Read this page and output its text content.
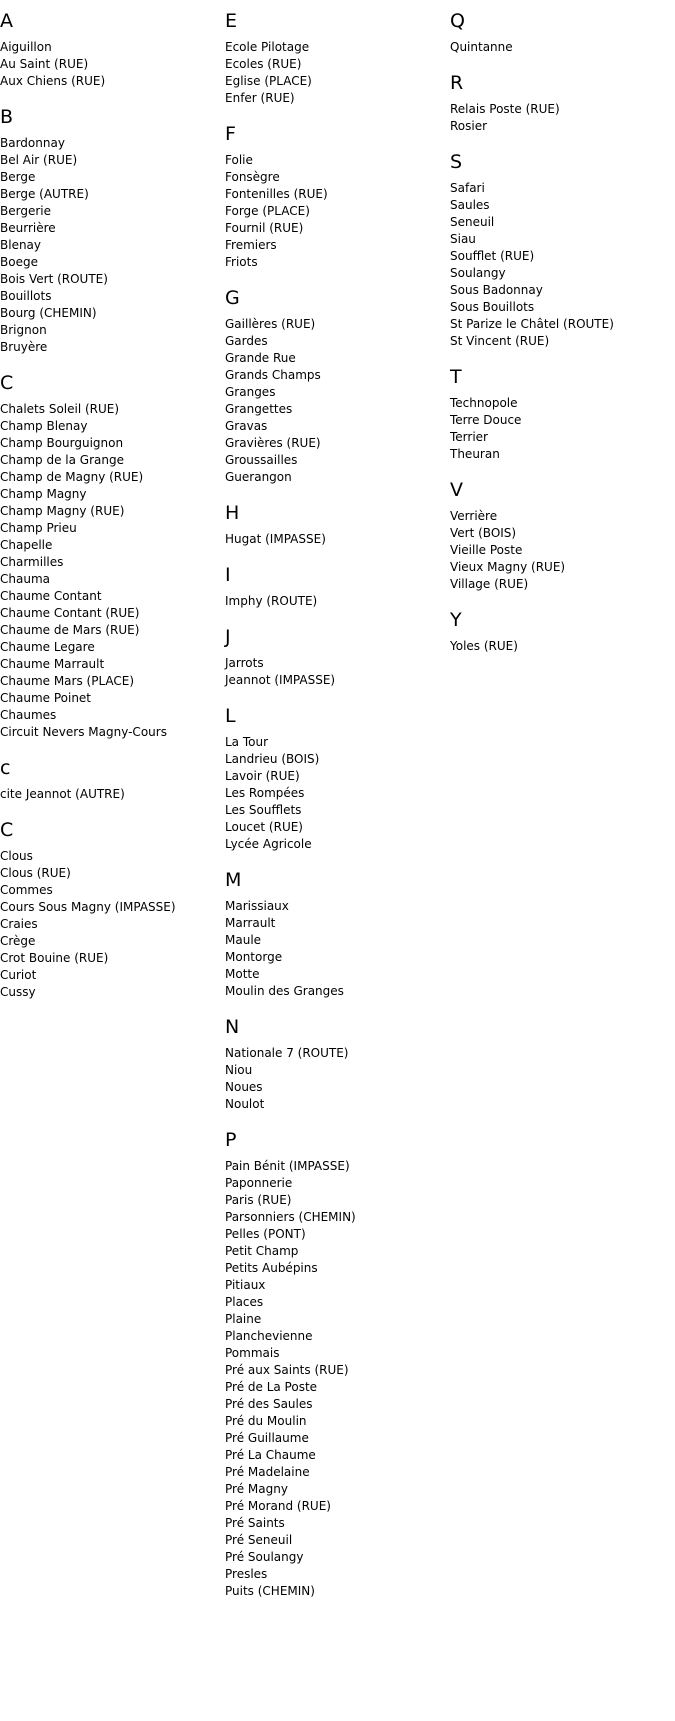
A
Aiguillon
Au Saint (RUE)
Aux Chiens (RUE)
B
Bardonnay
Bel Air (RUE)
Berge
Berge (AUTRE)
Bergerie
Beurrière
Blenay
Boege
Bois Vert (ROUTE)
Bouillots
Bourg (CHEMIN)
Brignon
Bruyère
C
Chalets Soleil (RUE)
Champ Blenay
Champ Bourguignon
Champ de la Grange
Champ de Magny (RUE)
Champ Magny
Champ Magny (RUE)
Champ Prieu
Chapelle
Charmilles
Chauma
Chaume Contant
Chaume Contant (RUE)
Chaume de Mars (RUE)
Chaume Legare
Chaume Marrault
Chaume Mars (PLACE)
Chaume Poinet
Chaumes
Circuit Nevers Magny-Cours
c
cite Jeannot (AUTRE)
C
Clous
Clous (RUE)
Commes
Cours Sous Magny (IMPASSE)
Craies
Crège
Crot Bouine (RUE)
Curiot
Cussy
E
Ecole Pilotage
Ecoles (RUE)
Eglise (PLACE)
Enfer (RUE)
F
Folie
Fonsègre
Fontenilles (RUE)
Forge (PLACE)
Fournil (RUE)
Fremiers
Friots
G
Gaillères (RUE)
Gardes
Grande Rue
Grands Champs
Granges
Grangettes
Gravas
Gravières (RUE)
Groussailles
Guerangon
H
Hugat (IMPASSE)
I
Imphy (ROUTE)
J
Jarrots
Jeannot (IMPASSE)
L
La Tour
Landrieu (BOIS)
Lavoir (RUE)
Les Rompées
Les Soufflets
Loucet (RUE)
Lycée Agricole
M
Marissiaux
Marrault
Maule
Montorge
Motte
Moulin des Granges
N
Nationale 7 (ROUTE)
Niou
Noues
Noulot
P
Pain Bénit (IMPASSE)
Paponnerie
Paris (RUE)
Parsonniers (CHEMIN)
Pelles (PONT)
Petit Champ
Petits Aubépins
Pitiaux
Places
Plaine
Planchevienne
Pommais
Pré aux Saints (RUE)
Pré de La Poste
Pré des Saules
Pré du Moulin
Pré Guillaume
Pré La Chaume
Pré Madelaine
Pré Magny
Pré Morand (RUE)
Pré Saints
Pré Seneuil
Pré Soulangy
Presles
Puits (CHEMIN)
Q
Quintanne
R
Relais Poste (RUE)
Rosier
S
Safari
Saules
Seneuil
Siau
Soufflet (RUE)
Soulangy
Sous Badonnay
Sous Bouillots
St Parize le Châtel (ROUTE)
St Vincent (RUE)
T
Technopole
Terre Douce
Terrier
Theuran
V
Verrière
Vert (BOIS)
Vieille Poste
Vieux Magny (RUE)
Village (RUE)
Y
Yoles (RUE)
